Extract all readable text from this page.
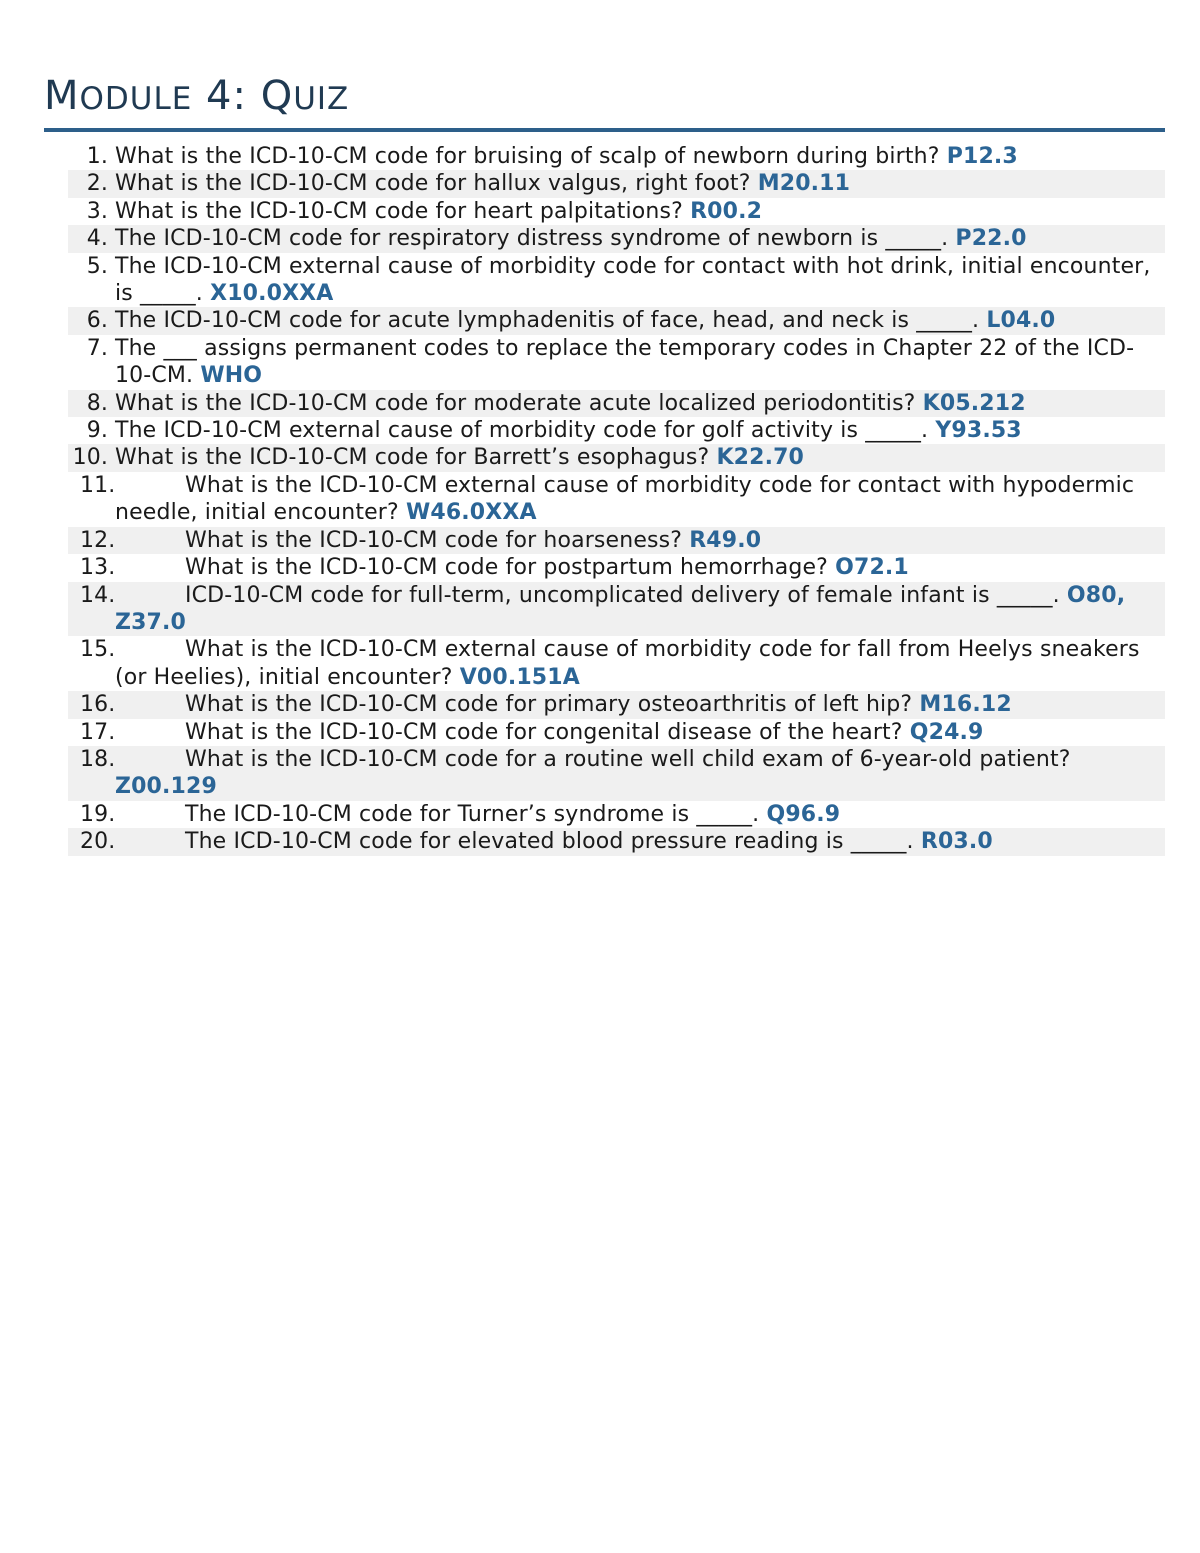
MODULE 4: QUIZ
1. What is the ICD-10-CM code for bruising of scalp of newborn during birth? P12.3
2. What is the ICD-10-CM code for hallux valgus, right foot? M20.11
3. What is the ICD-10-CM code for heart palpitations? R00.2
4. The ICD-10-CM code for respiratory distress syndrome of newborn is _____. P22.0
5. The ICD-10-CM external cause of morbidity code for contact with hot drink, initial encounter, is _____. X10.0XXA
6. The ICD-10-CM code for acute lymphadenitis of face, head, and neck is _____. L04.0
7. The ___ assigns permanent codes to replace the temporary codes in Chapter 22 of the ICD-10-CM. WHO
8. What is the ICD-10-CM code for moderate acute localized periodontitis? K05.212
9. The ICD-10-CM external cause of morbidity code for golf activity is _____. Y93.53
10. What is the ICD-10-CM code for Barrett’s esophagus? K22.70
11.	What is the ICD-10-CM external cause of morbidity code for contact with hypodermic needle, initial encounter? W46.0XXA
12.	What is the ICD-10-CM code for hoarseness? R49.0
13.	What is the ICD-10-CM code for postpartum hemorrhage? O72.1
14.	ICD-10-CM code for full-term, uncomplicated delivery of female infant is _____. O80, Z37.0
15.	What is the ICD-10-CM external cause of morbidity code for fall from Heelys sneakers (or Heelies), initial encounter? V00.151A
16.	What is the ICD-10-CM code for primary osteoarthritis of left hip? M16.12
17.	What is the ICD-10-CM code for congenital disease of the heart? Q24.9
18.	What is the ICD-10-CM code for a routine well child exam of 6-year-old patient? Z00.129
19.	The ICD-10-CM code for Turner’s syndrome is _____. Q96.9
20.	The ICD-10-CM code for elevated blood pressure reading is _____. R03.0
